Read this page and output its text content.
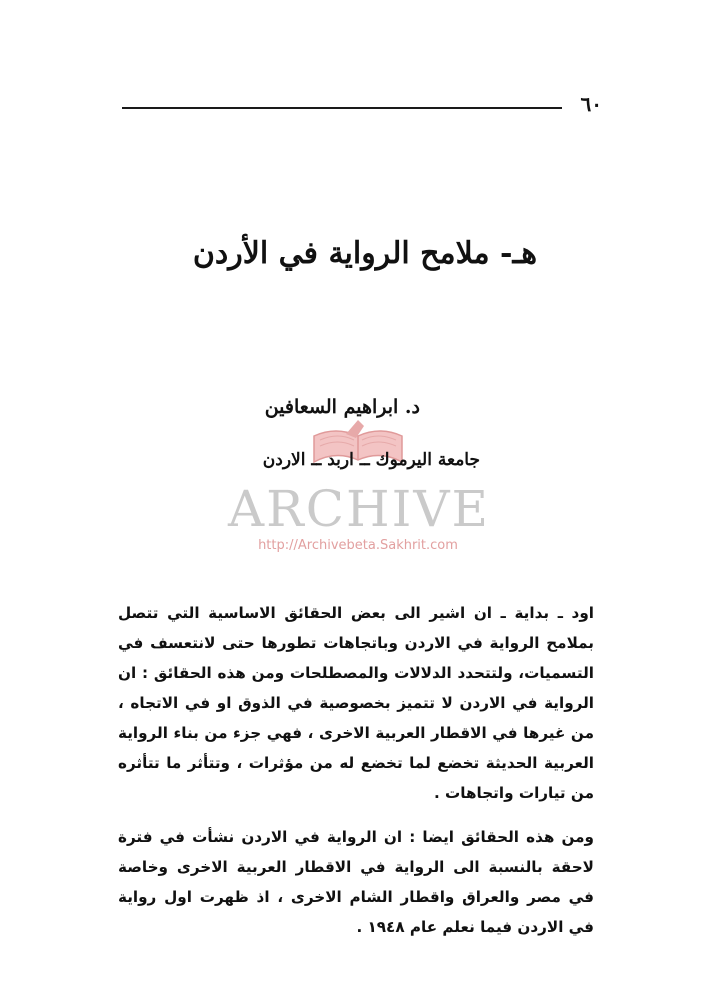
٦٠
هـ- ملامح الرواية في الأردن
د. ابراهيم السعافين
ARCHIVE
http://Archivebeta.Sakhrit.com
جامعة اليرموك ــ اربد ــ الاردن

اود ـ بداية ـ ان اشير الى بعض الحقائق الاساسية التي تتصل بملامح الرواية في الاردن وباتجاهات تطورها حتى لانتعسف في التسميات، ولتتحدد الدلالات والمصطلحات ومن هذه الحقائق : ان الرواية في الاردن لا تتميز بخصوصية في الذوق او في الاتجاه ، من غيرها في الاقطار العربية الاخرى ، فهي جزء من بناء الرواية العربية الحديثة تخضع لما تخضع له من مؤثرات ، وتتأثر ما تتأثره من تيارات واتجاهات .

ومن هذه الحقائق ايضا : ان الرواية في الاردن نشأت في فترة لاحقة بالنسبة الى الرواية في الاقطار العربية الاخرى وخاصة في مصر والعراق واقطار الشام الاخرى ، اذ ظهرت اول رواية في الاردن فيما نعلم عام ١٩٤٨ .
